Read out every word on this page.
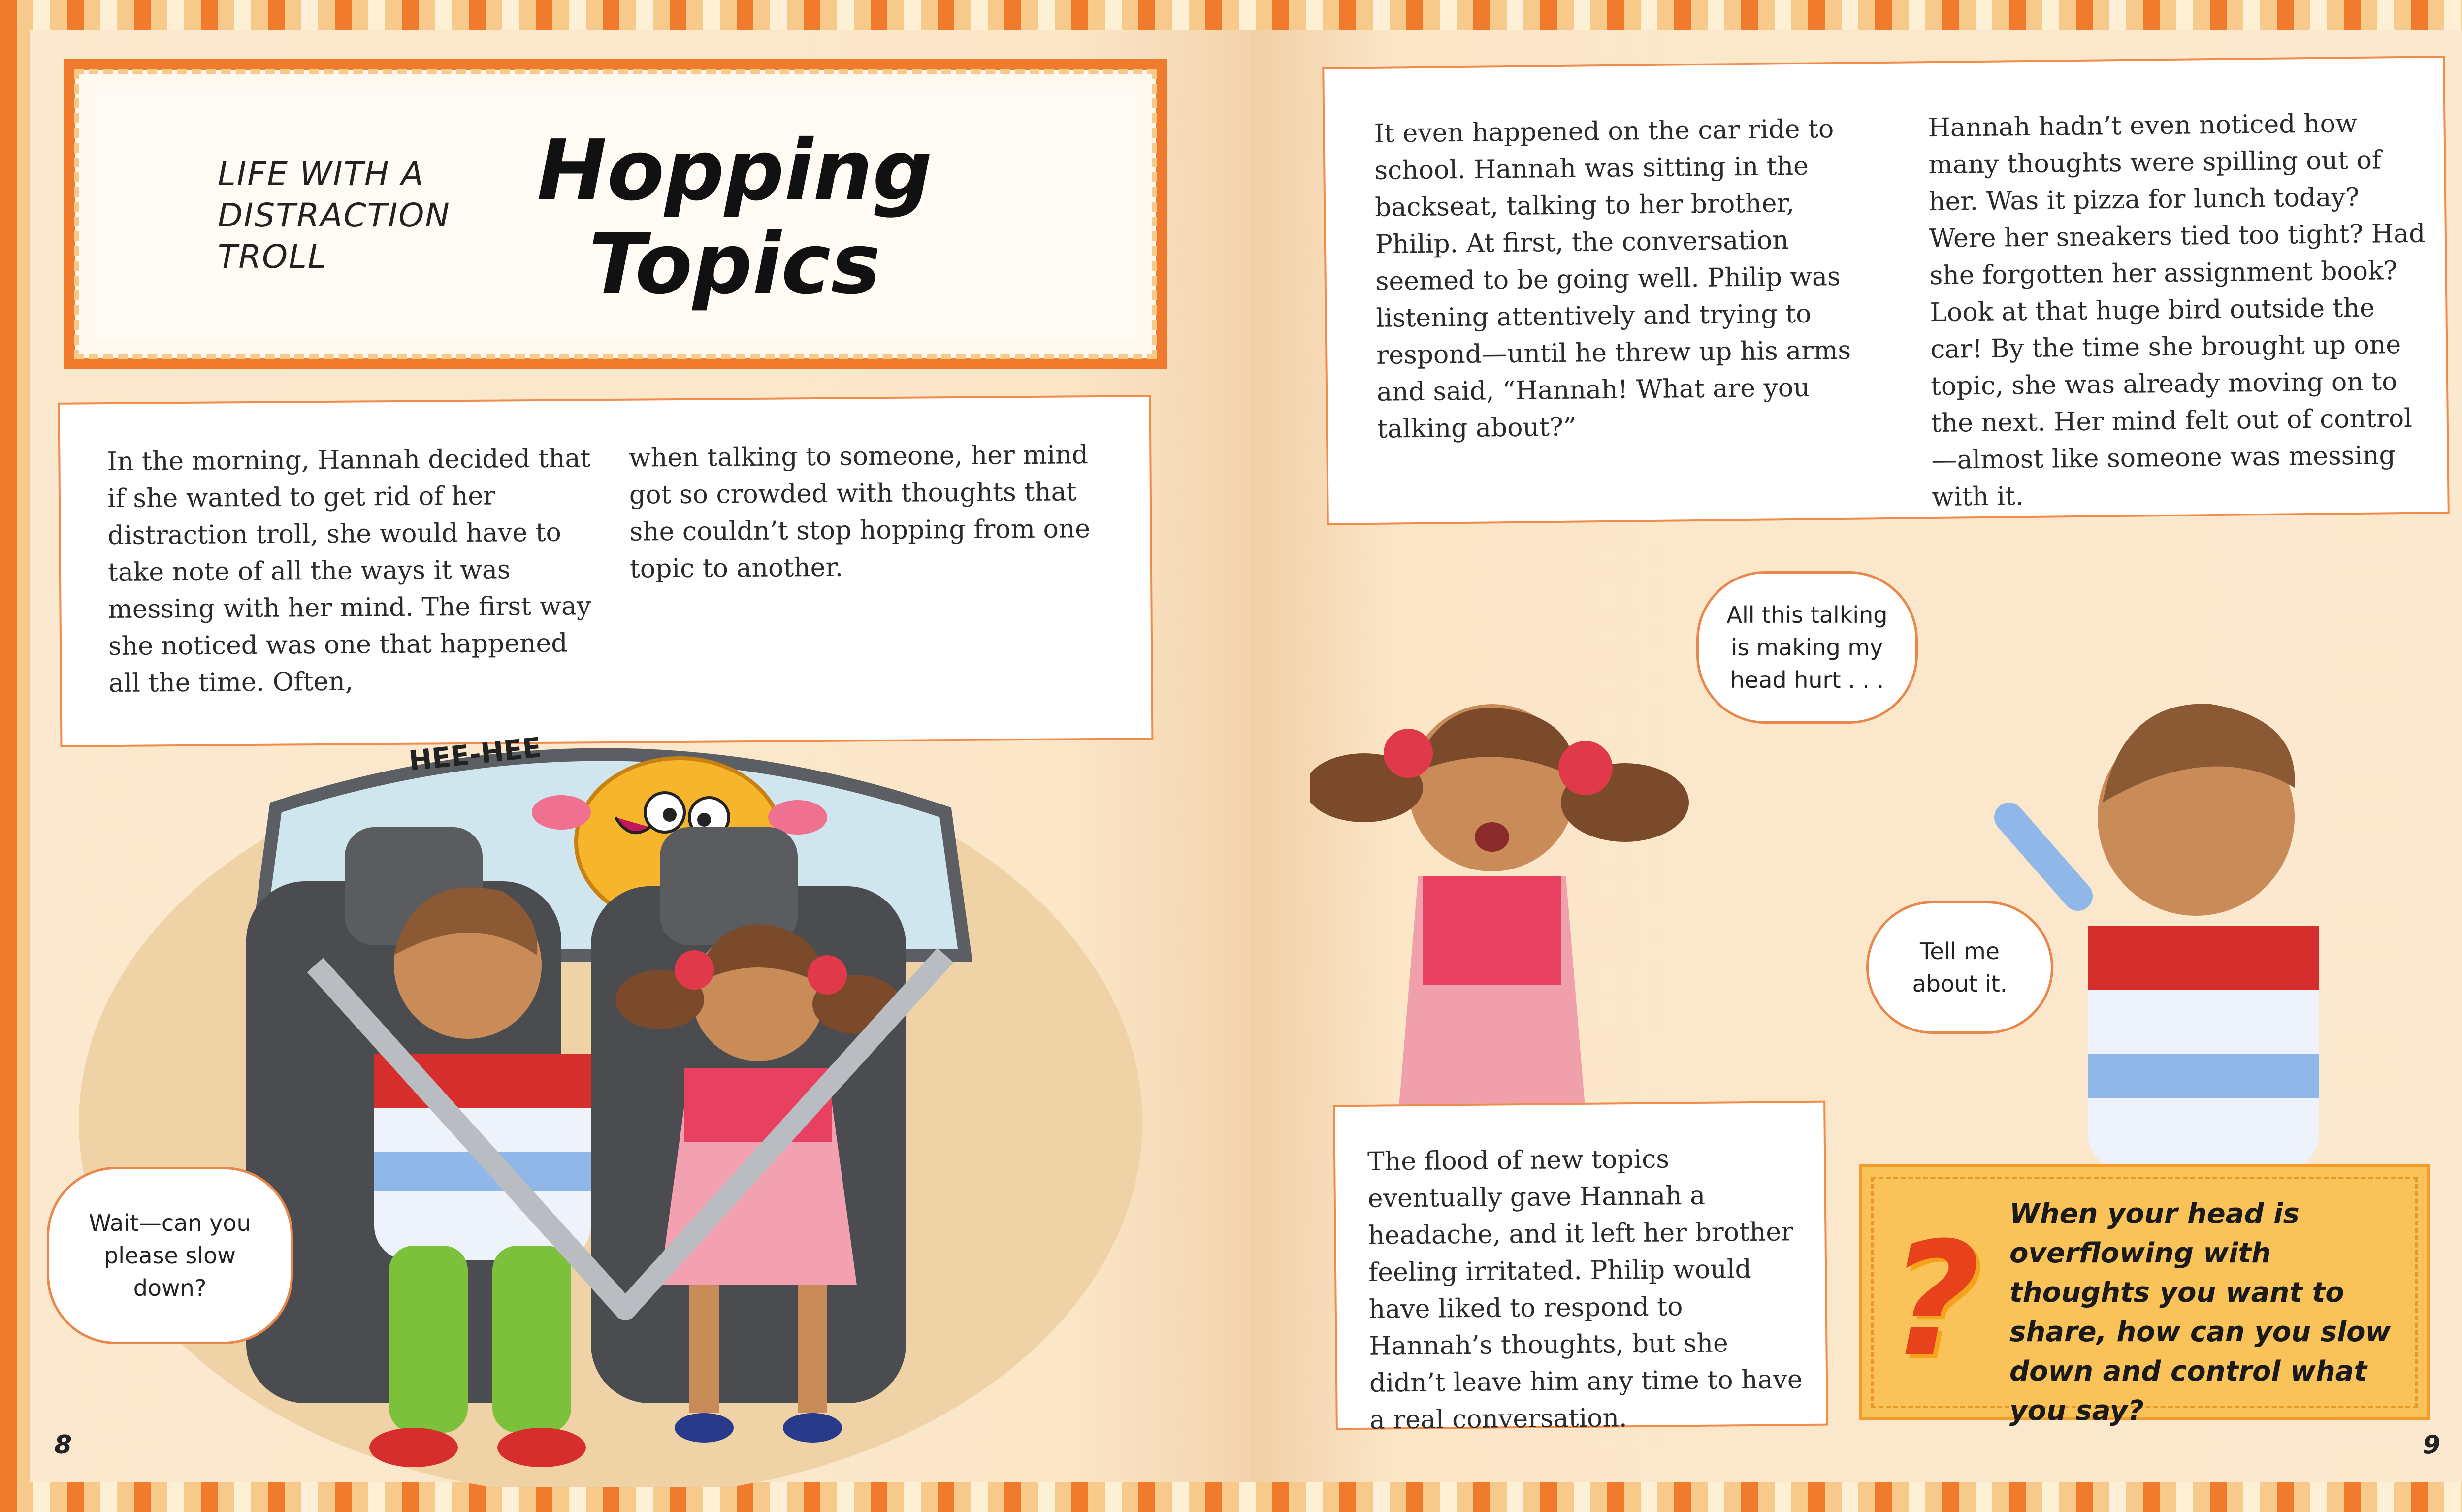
LIFE WITH A DISTRACTION TROLL
Hopping
Topics
In the morning, Hannah decided that if she wanted to get rid of her distraction troll, she would have to take note of all the ways it was messing with her mind. The first way she noticed was one that happened all the time. Often,
when talking to someone, her mind got so crowded with thoughts that she couldn’t stop hopping from one topic to another.
HEE-HEE
Wait—can you please slow down?
8
It even happened on the car ride to school. Hannah was sitting in the backseat, talking to her brother, Philip. At first, the conversation seemed to be going well. Philip was listening attentively and trying to respond—until he threw up his arms and said, “Hannah! What are you talking about?”
Hannah hadn’t even noticed how many thoughts were spilling out of her. Was it pizza for lunch today? Were her sneakers tied too tight? Had she forgotten her assignment book? Look at that huge bird outside the car! By the time she brought up one topic, she was already moving on to the next. Her mind felt out of control—almost like someone was messing with it.
All this talking is making my head hurt . . .
Tell me about it.
The flood of new topics eventually gave Hannah a headache, and it left her brother feeling irritated. Philip would have liked to respond to Hannah’s thoughts, but she didn’t leave him any time to have a real conversation.
? When your head is overflowing with thoughts you want to share, how can you slow down and control what you say?
9
